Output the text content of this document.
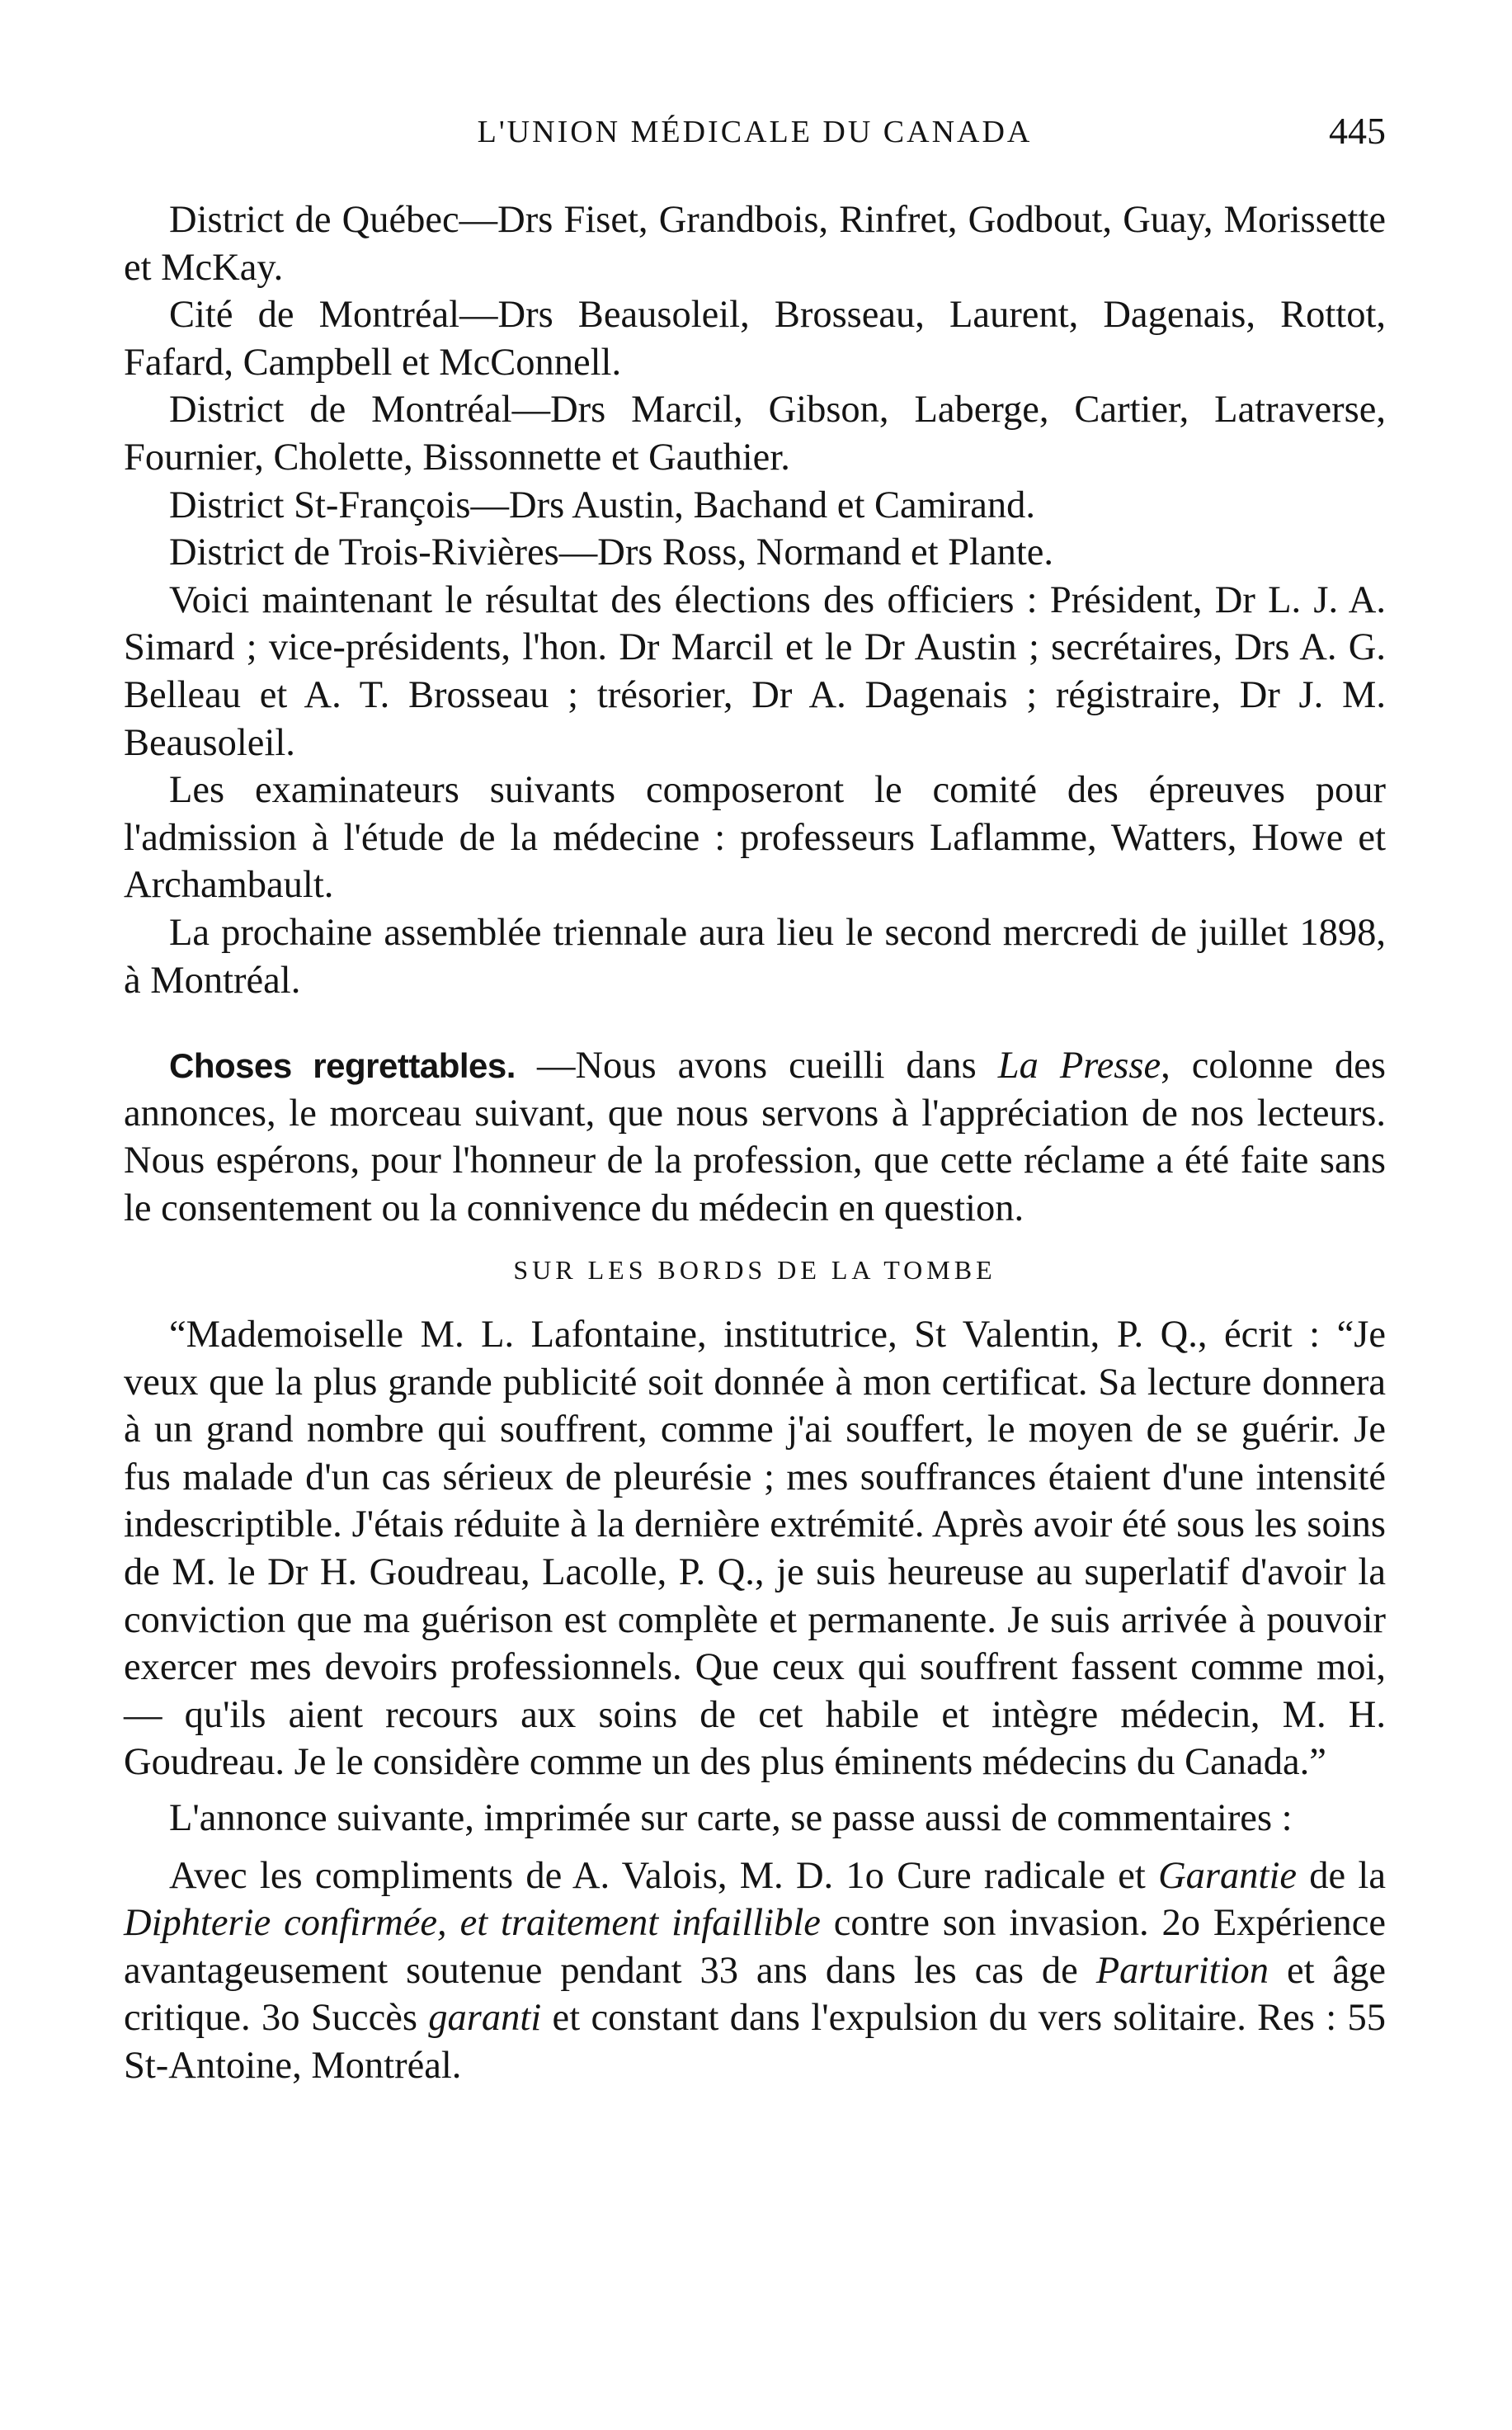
L'UNION MÉDICALE DU CANADA	445

District de Québec—Drs Fiset, Grandbois, Rinfret, Godbout, Guay, Morissette et McKay.

Cité de Montréal—Drs Beausoleil, Brosseau, Laurent, Dagenais, Rottot, Fafard, Campbell et McConnell.

District de Montréal—Drs Marcil, Gibson, Laberge, Cartier, Latraverse, Fournier, Cholette, Bissonnette et Gauthier.

District St-François—Drs Austin, Bachand et Camirand.

District de Trois-Rivières—Drs Ross, Normand et Plante.

Voici maintenant le résultat des élections des officiers : Président, Dr L. J. A. Simard ; vice-présidents, l'hon. Dr Marcil et le Dr Austin ; secrétaires, Drs A. G. Belleau et A. T. Brosseau ; trésorier, Dr A. Dagenais ; régistraire, Dr J. M. Beausoleil.

Les examinateurs suivants composeront le comité des épreuves pour l'admission à l'étude de la médecine : professeurs Laflamme, Watters, Howe et Archambault.

La prochaine assemblée triennale aura lieu le second mercredi de juillet 1898, à Montréal.

Choses regrettables. —Nous avons cueilli dans La Presse, colonne des annonces, le morceau suivant, que nous servons à l'appréciation de nos lecteurs. Nous espérons, pour l'honneur de la profession, que cette réclame a été faite sans le consentement ou la connivence du médecin en question.

SUR LES BORDS DE LA TOMBE

“Mademoiselle M. L. Lafontaine, institutrice, St Valentin, P. Q., écrit : “Je veux que la plus grande publicité soit donnée à mon certificat. Sa lecture donnera à un grand nombre qui souffrent, comme j'ai souffert, le moyen de se guérir. Je fus malade d'un cas sérieux de pleurésie ; mes souffrances étaient d'une intensité indescriptible. J'étais réduite à la dernière extrémité. Après avoir été sous les soins de M. le Dr H. Goudreau, Lacolle, P. Q., je suis heureuse au superlatif d'avoir la conviction que ma guérison est complète et permanente. Je suis arrivée à pouvoir exercer mes devoirs professionnels. Que ceux qui souffrent fassent comme moi, — qu'ils aient recours aux soins de cet habile et intègre médecin, M. H. Goudreau. Je le considère comme un des plus éminents médecins du Canada.”

L'annonce suivante, imprimée sur carte, se passe aussi de commentaires :

Avec les compliments de A. Valois, M. D. 1o Cure radicale et Garantie de la Diphterie confirmée, et traitement infaillible contre son invasion. 2o Expérience avantageusement soutenue pendant 33 ans dans les cas de Parturition et âge critique. 3o Succès garanti et constant dans l'expulsion du vers solitaire. Res : 55 St-Antoine, Montréal.
